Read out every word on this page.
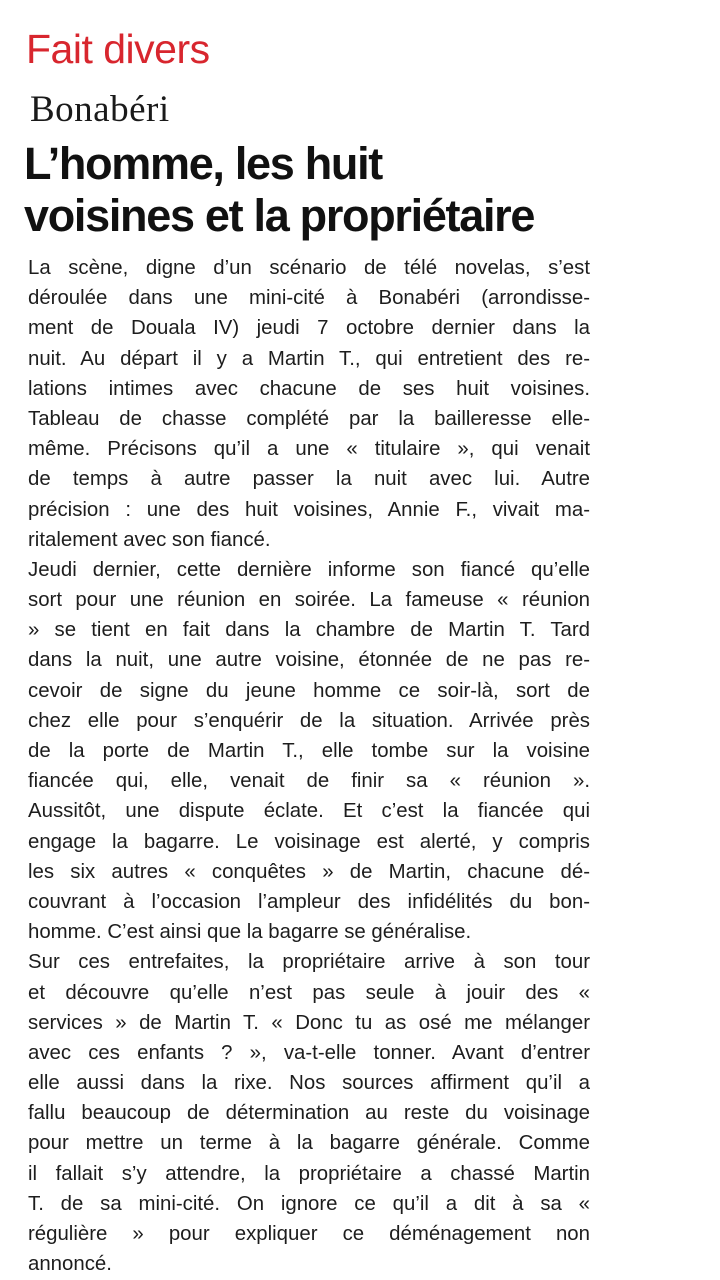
Fait divers
Bonabéri
L’homme, les huit
voisines et la propriétaire
La scène, digne d’un scénario de télé novelas, s’est
déroulée dans une mini-cité à Bonabéri (arrondisse-
ment de Douala IV) jeudi 7 octobre dernier dans la
nuit. Au départ il y a Martin T., qui entretient des re-
lations intimes avec chacune de ses huit voisines.
Tableau de chasse complété par la bailleresse elle-
même. Précisons qu’il a une « titulaire », qui venait
de temps à autre passer la nuit avec lui. Autre
précision : une des huit voisines, Annie F., vivait ma-
ritalement avec son fiancé.
Jeudi dernier, cette dernière informe son fiancé qu’elle
sort pour une réunion en soirée. La fameuse « réunion
» se tient en fait dans la chambre de Martin T. Tard
dans la nuit, une autre voisine, étonnée de ne pas re-
cevoir de signe du jeune homme ce soir-là, sort de
chez elle pour s’enquérir de la situation. Arrivée près
de la porte de Martin T., elle tombe sur la voisine
fiancée qui, elle, venait de finir sa « réunion ».
Aussitôt, une dispute éclate. Et c’est la fiancée qui
engage la bagarre. Le voisinage est alerté, y compris
les six autres « conquêtes » de Martin, chacune dé-
couvrant à l’occasion l’ampleur des infidélités du bon-
homme. C’est ainsi que la bagarre se généralise.
Sur ces entrefaites, la propriétaire arrive à son tour
et découvre qu’elle n’est pas seule à jouir des «
services » de Martin T. « Donc tu as osé me mélanger
avec ces enfants ? », va-t-elle tonner. Avant d’entrer
elle aussi dans la rixe. Nos sources affirment qu’il a
fallu beaucoup de détermination au reste du voisinage
pour mettre un terme à la bagarre générale. Comme
il fallait s’y attendre, la propriétaire a chassé Martin
T. de sa mini-cité. On ignore ce qu’il a dit à sa «
régulière » pour expliquer ce déménagement non
annoncé.
